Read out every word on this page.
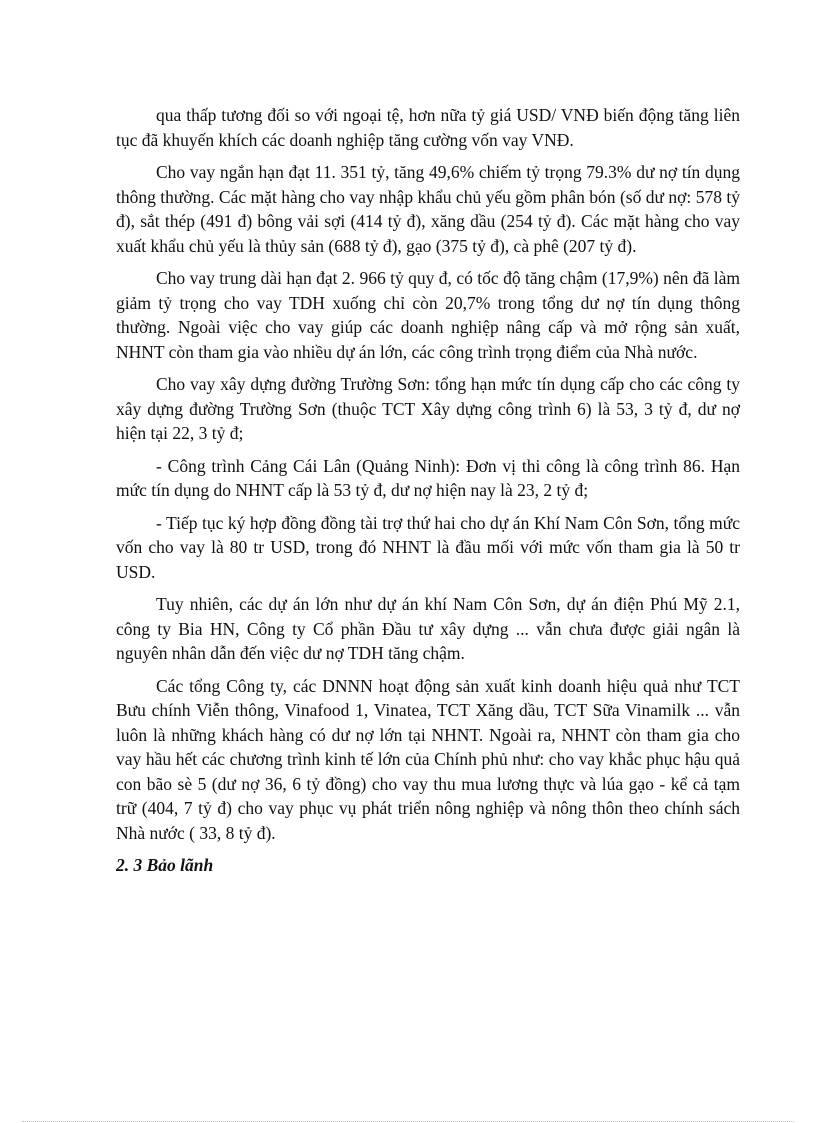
qua thấp tương đối so với ngoại tệ, hơn nữa tỷ giá USD/ VNĐ biến động tăng liên tục đã khuyến khích các doanh nghiệp tăng cường vốn vay VNĐ.

Cho vay ngắn hạn đạt 11. 351 tỷ, tăng 49,6% chiếm tỷ trọng 79.3% dư nợ tín dụng thông thường. Các mặt hàng cho vay nhập khẩu chủ yếu gồm phân bón (số dư nợ: 578 tỷ đ), sắt thép (491 đ) bông vải sợi (414 tỷ đ), xăng dầu (254 tỷ đ). Các mặt hàng cho vay xuất khẩu chủ yếu là thủy sản (688 tỷ đ), gạo (375 tỷ đ), cà phê (207 tỷ đ).

Cho vay trung dài hạn đạt 2. 966 tỷ quy đ, có tốc độ tăng chậm (17,9%) nên đã làm giảm tỷ trọng cho vay TDH xuống chỉ còn 20,7% trong tổng dư nợ tín dụng thông thường. Ngoài việc cho vay giúp các doanh nghiệp nâng cấp và mở rộng sản xuất, NHNT còn tham gia vào nhiều dự án lớn, các công trình trọng điểm của Nhà nước.

Cho vay xây dựng đường Trường Sơn: tổng hạn mức tín dụng cấp cho các công ty xây dựng đường Trường Sơn (thuộc TCT Xây dựng công trình 6) là 53, 3 tỷ đ, dư nợ hiện tại 22, 3 tỷ đ;

- Công trình Cảng Cái Lân (Quảng Ninh): Đơn vị thi công là công trình 86. Hạn mức tín dụng do NHNT cấp là 53 tỷ đ, dư nợ hiện nay là 23, 2 tỷ đ;

- Tiếp tục ký hợp đồng đồng tài trợ thứ hai cho dự án Khí Nam Côn Sơn, tổng mức vốn cho vay là 80 tr USD, trong đó NHNT là đầu mối với mức vốn tham gia là 50 tr USD.

Tuy nhiên, các dự án lớn như dự án khí Nam Côn Sơn, dự án điện Phú Mỹ 2.1, công ty Bia HN, Công ty Cổ phần Đầu tư xây dựng ... vẫn chưa được giải ngân là nguyên nhân dẫn đến việc dư nợ TDH tăng chậm.

Các tổng Công ty, các DNNN hoạt động sản xuất kinh doanh hiệu quả như TCT Bưu chính Viễn thông, Vinafood 1, Vinatea, TCT Xăng dầu, TCT Sữa Vinamilk ... vẫn luôn là những khách hàng có dư nợ lớn tại NHNT. Ngoài ra, NHNT còn tham gia cho vay hầu hết các chương trình kinh tế lớn của Chính phủ như: cho vay khắc phục hậu quả con bão sè 5 (dư nợ 36, 6 tỷ đồng) cho vay thu mua lương thực và lúa gạo - kể cả tạm trữ (404, 7 tỷ đ) cho vay phục vụ phát triển nông nghiệp và nông thôn theo chính sách Nhà nước ( 33, 8 tỷ đ).

2. 3 Bảo lãnh
